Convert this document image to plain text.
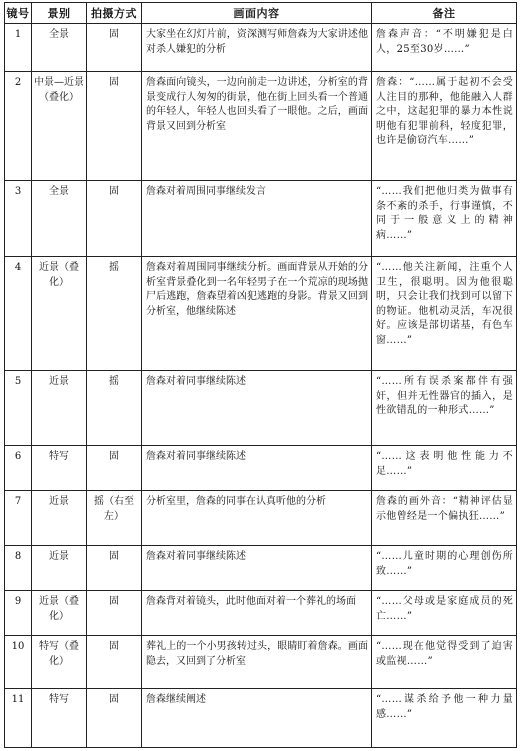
镜号	景别	拍摄方式	画面内容	备注
1	全景	固	大家坐在幻灯片前，资深测写师詹森为大家讲述他对杀人嫌犯的分析	詹森声音：“不明嫌犯是白人，25至30岁……”
2	中景—近景（叠化）	固	詹森面向镜头，一边向前走一边讲述，分析室的背景变成行人匆匆的街景，他在街上回头看一个普通的年轻人，年轻人也回头看了一眼他。之后，画面背景又回到分析室	詹森：“……属于起初不会受人注目的那种，他能融入人群之中，这起犯罪的暴力本性说明他有犯罪前科，轻度犯罪，也许是偷窃汽车……”
3	全景	固	詹森对着周围同事继续发言	“……我们把他归类为做事有条不紊的杀手，行事谨慎，不同于一般意义上的精神病……”
4	近景（叠化）	摇	詹森对着周围同事继续分析。画面背景从开始的分析室背景叠化到一名年轻男子在一个荒凉的现场抛尸后逃跑，詹森望着凶犯逃跑的身影。背景又回到分析室，他继续陈述	“……他关注新闻，注重个人卫生，很聪明。因为他很聪明，只会让我们找到可以留下的物证。他机动灵活，车况很好。应该是部切诺基，有色车窗……”
5	近景	摇	詹森对着同事继续陈述	“……所有误杀案都伴有强奸，但并无性器官的插入，是性欲错乱的一种形式……”
6	特写	固	詹森对着同事继续陈述	“……这表明他性能力不足……”
7	近景	摇（右至左）	分析室里，詹森的同事在认真听他的分析	詹森的画外音：“精神评估显示他曾经是一个偏执狂……”
8	近景	固	詹森对着同事继续陈述	“……儿童时期的心理创伤所致……”
9	近景（叠化）	固	詹森背对着镜头，此时他面对着一个葬礼的场面	“……父母或是家庭成员的死亡……”
10	特写（叠化）	固	葬礼上的一个小男孩转过头，眼睛盯着詹森。画面隐去，又回到了分析室	“……现在他觉得受到了迫害或监视……”
11	特写	固	詹森继续阐述	“……谋杀给予他一种力量感……”
